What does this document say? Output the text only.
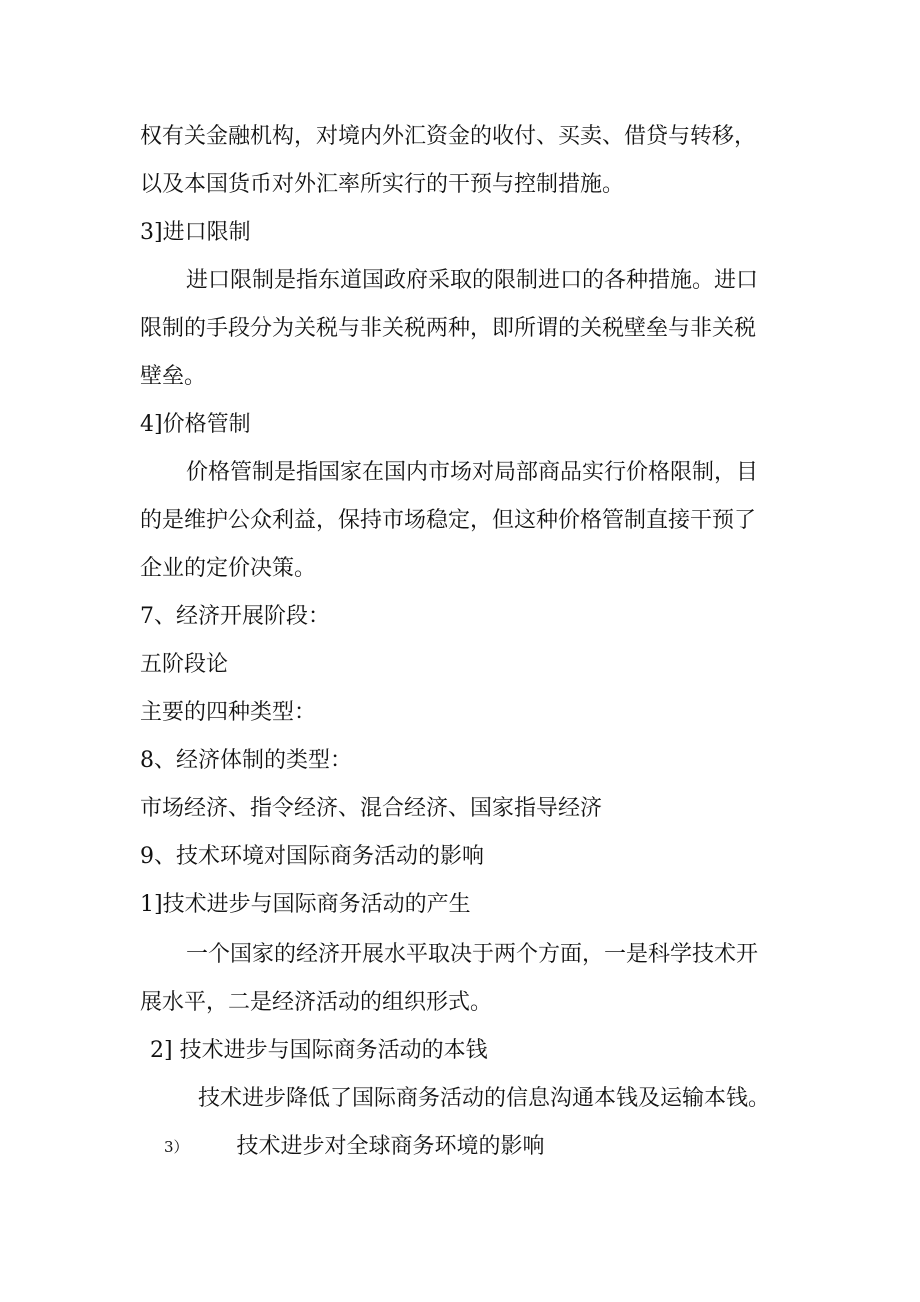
权有关金融机构，对境内外汇资金的收付、买卖、借贷与转移，
以及本国货币对外汇率所实行的干预与控制措施。
3]进口限制
进口限制是指东道国政府采取的限制进口的各种措施。进口
限制的手段分为关税与非关税两种，即所谓的关税壁垒与非关税
壁垒。
4]价格管制
价格管制是指国家在国内市场对局部商品实行价格限制，目
的是维护公众利益，保持市场稳定，但这种价格管制直接干预了
企业的定价决策。
7、经济开展阶段：
五阶段论
主要的四种类型：
8、经济体制的类型：
市场经济、指令经济、混合经济、国家指导经济
9、技术环境对国际商务活动的影响
1]技术进步与国际商务活动的产生
一个国家的经济开展水平取决于两个方面，一是科学技术开
展水平，二是经济活动的组织形式。
2] 技术进步与国际商务活动的本钱
技术进步降低了国际商务活动的信息沟通本钱及运输本钱。
3） 技术进步对全球商务环境的影响
